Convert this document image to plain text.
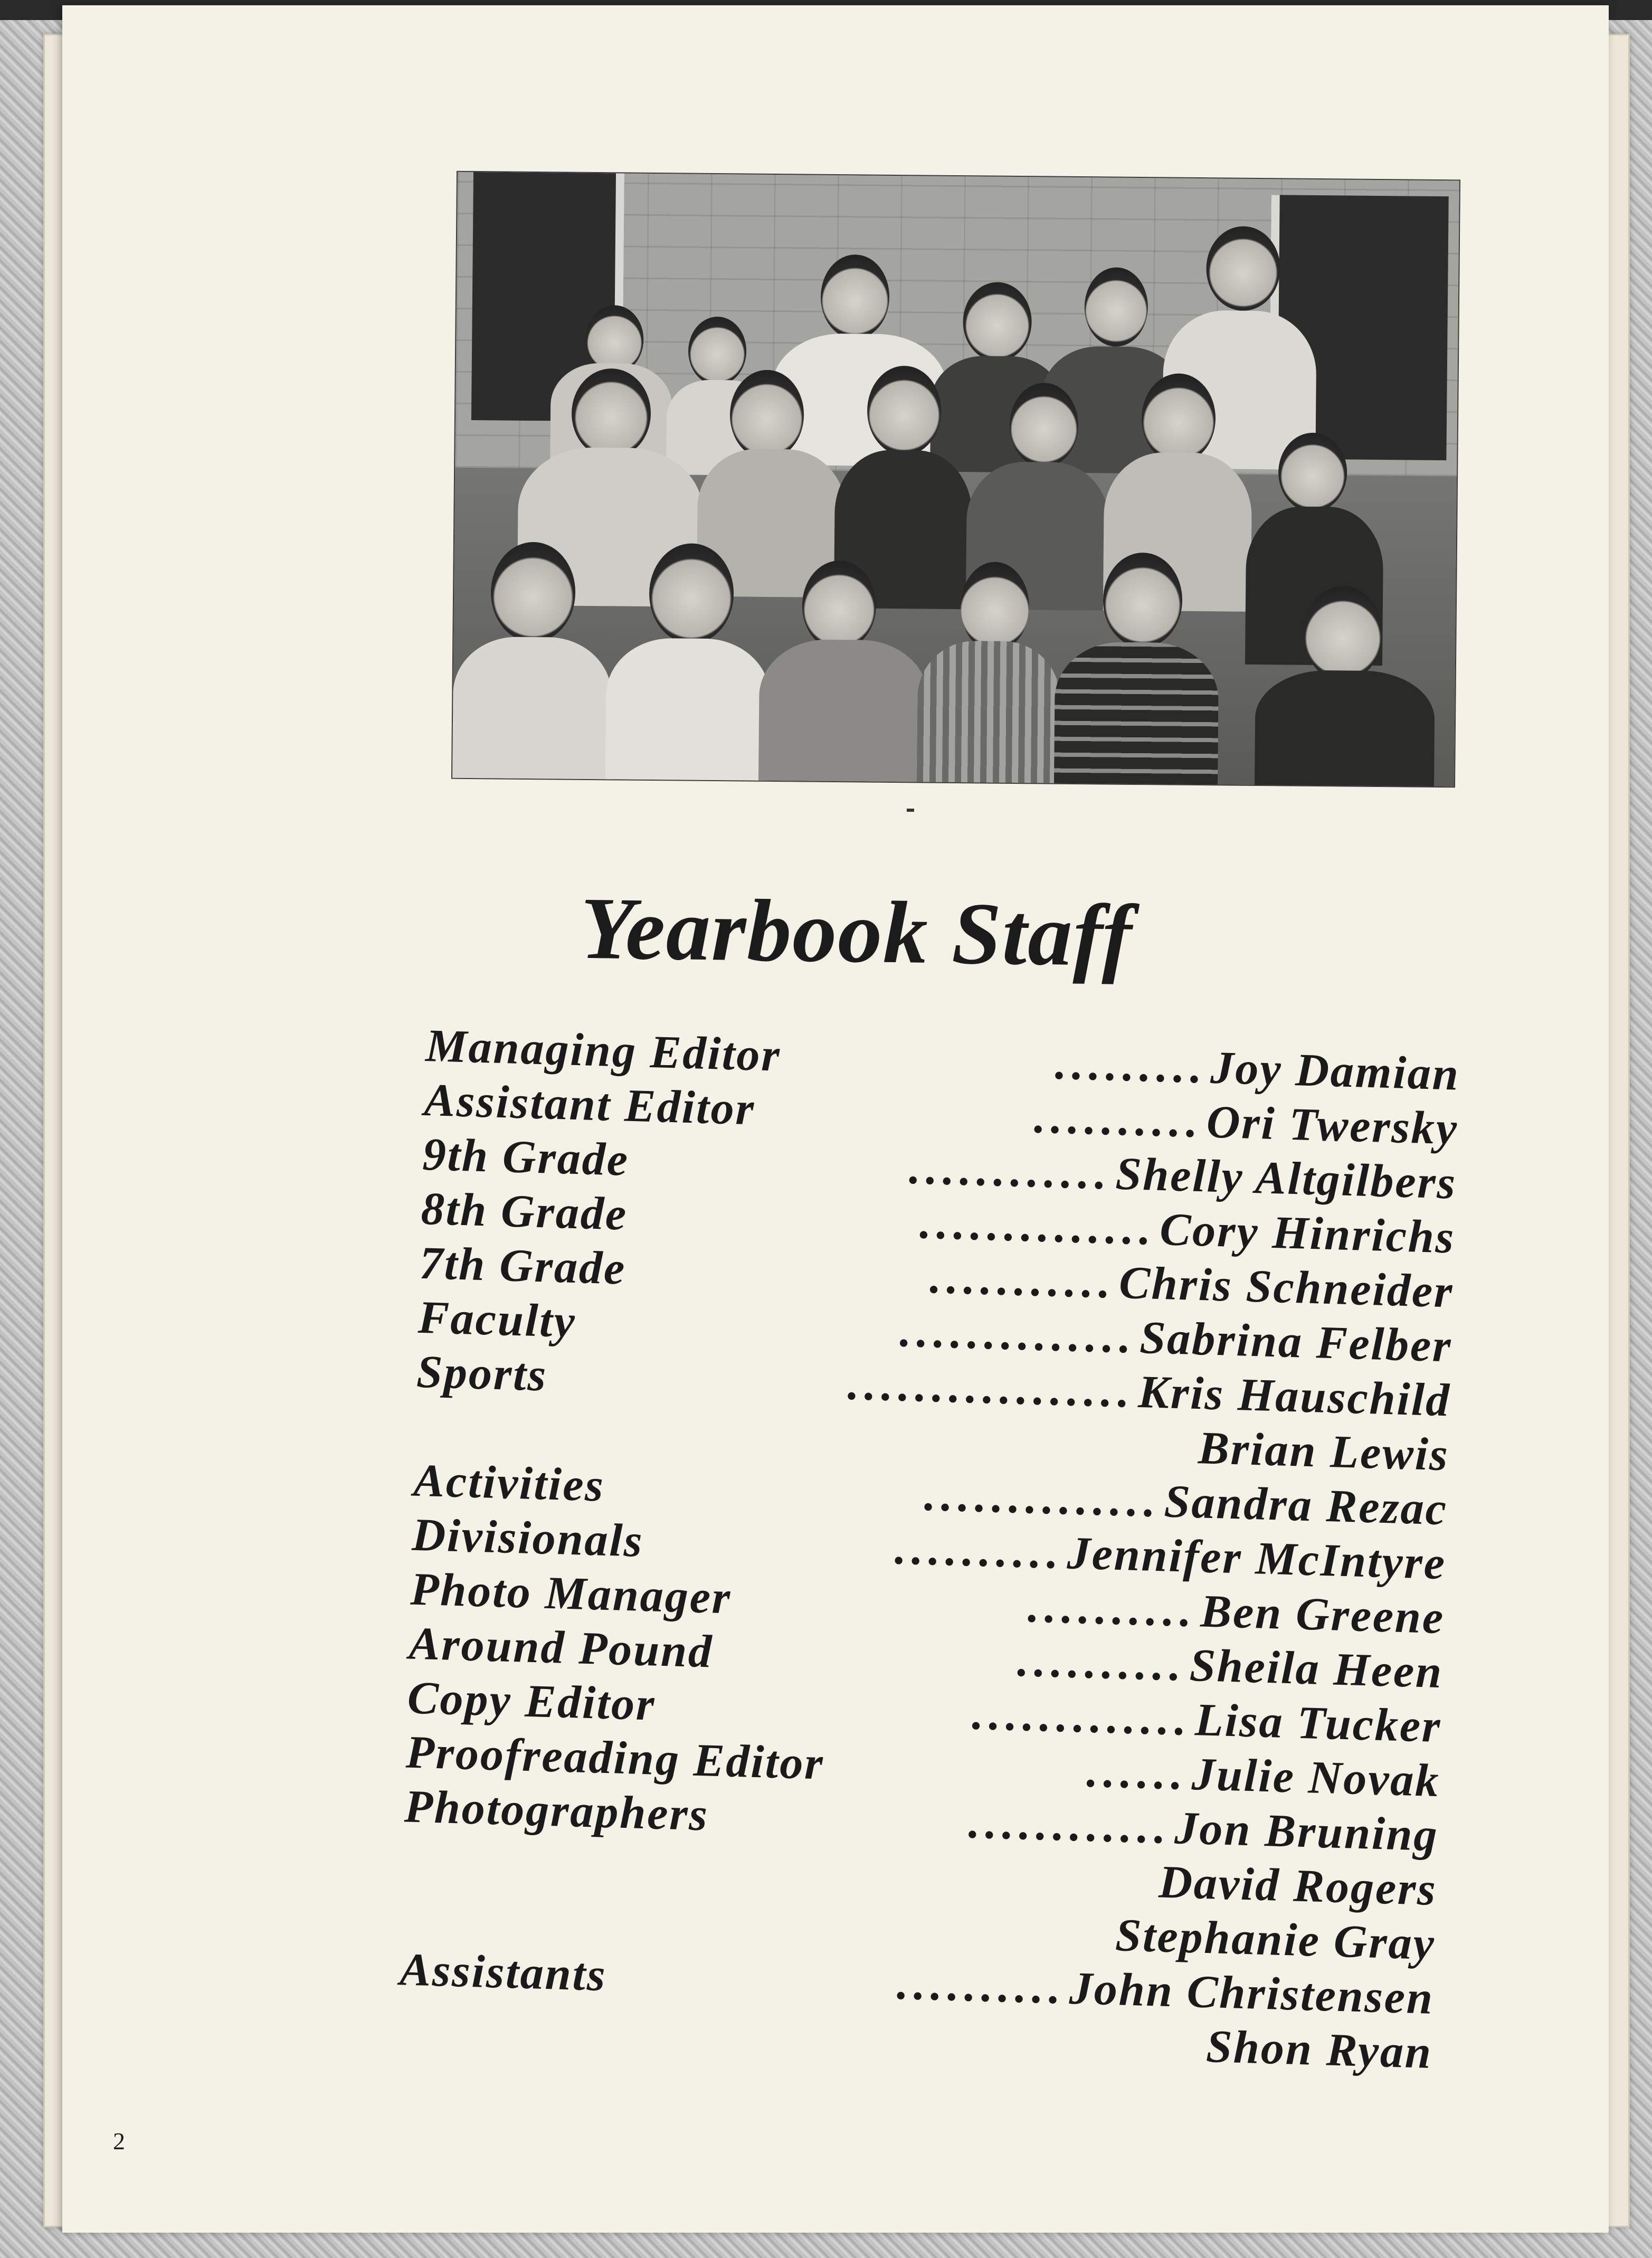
Yearbook Staff
Managing Editor	......... Joy Damian
Assistant Editor	.......... Ori Twersky
9th Grade	............ Shelly Altgilbers
8th Grade	.............. Cory Hinrichs
7th Grade	........... Chris Schneider
Faculty	.............. Sabrina Felber
Sports	................. Kris Hauschild
Brian Lewis
Activities	.............. Sandra Rezac
Divisionals	.......... Jennifer McIntyre
Photo Manager	.......... Ben Greene
Around Pound	.......... Sheila Heen
Copy Editor	............. Lisa Tucker
Proofreading Editor	...... Julie Novak
Photographers	............ Jon Bruning
David Rogers
Stephanie Gray
Assistants	.......... John Christensen
Shon Ryan
2
